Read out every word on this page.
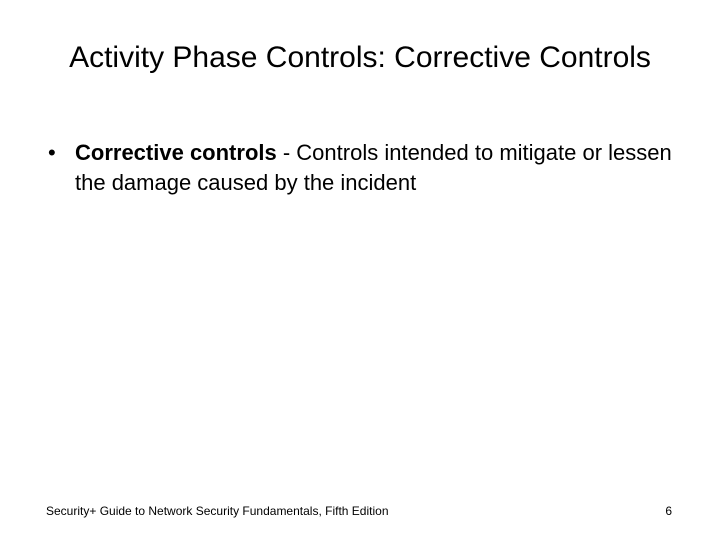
Activity Phase Controls: Corrective Controls
• Corrective controls - Controls intended to mitigate or lessen the damage caused by the incident
Security+ Guide to Network Security Fundamentals, Fifth Edition	6
